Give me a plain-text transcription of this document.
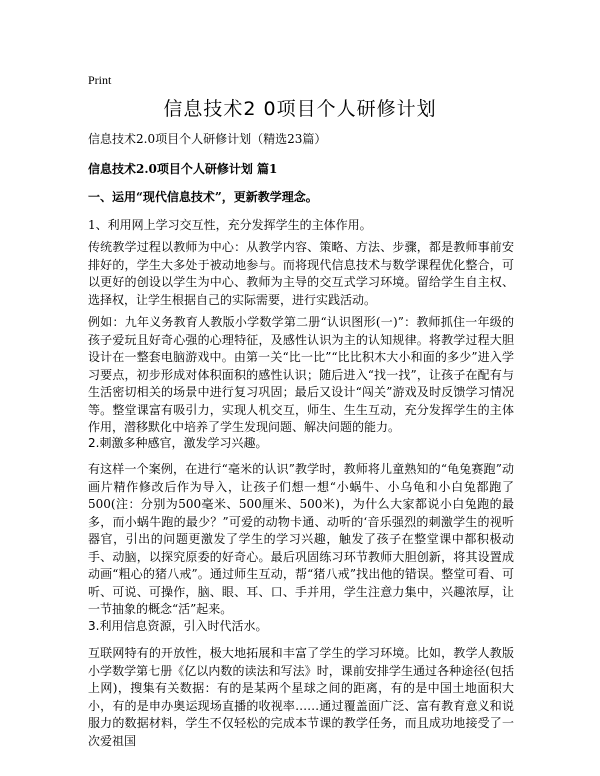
Print
信息技术2 0项目个人研修计划
信息技术2.0项目个人研修计划（精选23篇）
信息技术2.0项目个人研修计划 篇1
一、运用“现代信息技术”，更新教学理念。
1、利用网上学习交互性，充分发挥学生的主体作用。
传统教学过程以教师为中心：从教学内容、策略、方法、步骤，都是教师事前安排好的，学生大多处于被动地参与。而将现代信息技术与数学课程优化整合，可以更好的创设以学生为中心、教师为主导的交互式学习环境。留给学生自主权、选择权，让学生根据自己的实际需要，进行实践活动。
例如：九年义务教育人教版小学数学第二册“认识图形(一)”：教师抓住一年级的孩子爱玩且好奇心强的心理特征，及感性认识为主的认知规律。将教学过程大胆设计在一整套电脑游戏中。由第一关“比一比”“比比积木大小和面的多少”进入学习要点，初步形成对体积面积的感性认识；随后进入“找一找”，让孩子在配有与生活密切相关的场景中进行复习巩固；最后又设计“闯关”游戏及时反馈学习情况等。整堂课富有吸引力，实现人机交互，师生、生生互动，充分发挥学生的主体作用，潜移默化中培养了学生发现问题、解决问题的能力。
2.刺激多种感官，激发学习兴趣。
有这样一个案例，在进行“毫米的认识”教学时，教师将儿童熟知的“龟兔赛跑”动画片精作修改后作为导入，让孩子们想一想“小蜗牛、小乌龟和小白兔都跑了500(注：分别为500毫米、500厘米、500米)，为什么大家都说小白兔跑的最多，而小蜗牛跑的最少？”可爱的动物卡通、动听的‘音乐强烈的刺激学生的视听器官，引出的问题更激发了学生的学习兴趣，触发了孩子在整堂课中都积极动手、动脑，以探究原委的好奇心。最后巩固练习环节教师大胆创新，将其设置成动画“粗心的猪八戒”。通过师生互动，帮“猪八戒”找出他的错误。整堂可看、可听、可说、可操作，脑、眼、耳、口、手并用，学生注意力集中，兴趣浓厚，让一节抽象的概念“活”起来。
3.利用信息资源，引入时代活水。
互联网特有的开放性，极大地拓展和丰富了学生的学习环境。比如，教学人教版小学数学第七册《亿以内数的读法和写法》时，课前安排学生通过各种途径(包括上网)，搜集有关数据：有的是某两个星球之间的距离，有的是中国土地面积大小，有的是申办奥运现场直播的收视率……通过覆盖面广泛、富有教育意义和说服力的数据材料，学生不仅轻松的完成本节课的教学任务，而且成功地接受了一次爱祖国
